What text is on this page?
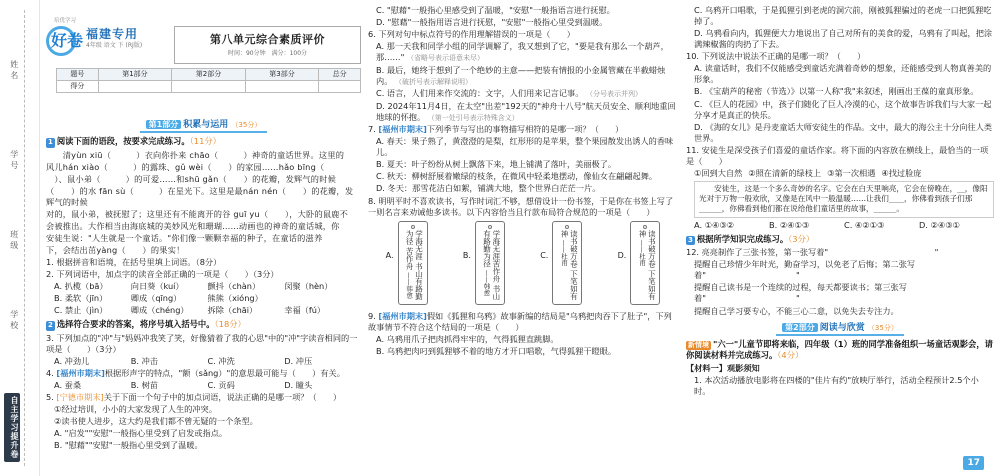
姓名
学号
班级
学校
自主学习提升卷
培优学习
好卷 福建专用
4年级 语文 下 (RJ版)	第八单元综合素质评价
时间：90分钟　满分：100分
题号	第1部分	第2部分	第3部分	总分
得分				
第1部分 积累与运用 （35分）
1 阅读下面的语段，按要求完成练习。（11分）

　　清yùn xiū（　　　）衣向你扑来 chāo（　　　）神奇的童话世界。这里的

风儿hán xiào（　　　）的露珠、gǔ wèi（　　）的家园……hǎo bīng（　

　）、鼠小弟（　　　）的可爱……和shū gǎn（　　）的花瓣，发辉气的时候

（　　）的水 fān sù（　　　）在星光下。这里是最nán nén（　　）的花瓣，发辉气的时候

对的，鼠小弟，被抚慰了；这里还有不能离开的谷 guī yu（　　），大卧的鼠鹿不

会被推出。大作相当由海底城的美妙风光和珊瑚……动画也的神奇的童话城，你

安徒生说："人生就是一个童话。"你们像一颗颗幸福的种子，在童话的滋养

下，会结出茁yàng（　　）的果实！

1. 根据拼音和语境，在括号里填上词语。（8分）

2. 下列词语中，加点字的读音全部正确的一项是（　　）（3分）

A. 扒榄（bā）	向日葵（kuí）	颤抖（chàn）	闵聚（hèn）
B. 柔软（jīn）	卿成（qīng）	熊熊（xióng）
C. 禁止（jìn）	卿成（chéng）	拆除（chāi）	幸福（fú）
2 选择符合要求的答案，将序号填入括号中。（18分）

3. 下列加点的"冲"与"妈妈冲我笑了笑，好像猜着了我的心思"中的"冲"字读音相同的一项是（　　）（3分）

A. 冲劲儿	B. 冲击	C. 冲洗	D. 冲压

4. [福州市期末]根据形声字的特点，"额（sǎng）"的意思最可能与（　　）有关。

A. 蚕桑	B. 树苗	C. 贡码	D. 瞳头

5. [宁德市期末]关于下面一个句子中的加点词语，说法正确的是哪一项？（　　）

①经过培训，小小的大家发现了人生的冲突。

②读书使人进步，这大约是我们都不曾无疑的一个条型。

A. "启发""安慰"一般指心里受到了启发或指点。

B. "慰藉""安慰"一般指心里受到了温暖。

C. "慰藉"一般指心里感受到了温暖，"安慰"一般指语言进行抚慰。

D. "慰藉"一般指用语言进行抚慰，"安慰"一般指心里受到温暖。

6. 下列对句中标点符号的作用理解错误的一项是（　　）

A. 那一天我和同学小组的同学调解了，我又想到了它，"要是我有那么一个葫芦，那……" （省略号表示语意未尽）

B. 最后，她终于想到了一个绝妙的主意——把装有情报的小金属管藏在半截蜡烛内。 （破折号表示解释说明）

C. 语言，人们用来作交流的：文字，人们用来记言记事。 （分号表示并列）

D. 2024年11月4日，在太空"出差"192天的"神舟十八号"航天员安全、顺利地重回地球的怀抱。 （第一处引号表示特殊含义）

7. [福州市期末]下列季节与写出的事物描写相符的是哪一项？（　　）

A. 春天：果子熟了，黄澄澄的是梨，红形形的是苹果，整个果园散发出诱人的香味儿。

B. 夏天：叶子纷纷从树上飘落下来，地上铺满了落叶，美丽极了。

C. 秋天：柳树舒展着嫩绿的枝条，在微风中轻柔地摆动，像仙女在翩翩起舞。

D. 冬天：那雪花洁白如絮，铺满大地，整个世界白茫茫一片。

8. 明明平时不喜欢读书，写作时词汇不够，想借设计一份书签，于是你在书签上写了一则名言来劝诫他多读书。以下内容恰当且行款布局符合规范的一项是（　　）

A.	学海无涯 书山有路勤为径 苦作舟 ——韩愈
B.	学海无涯苦作舟 书山有路勤为径 ——韩愈
C.	读书破万卷 下笔如有神 ——杜甫	D.	读书破万卷 下笔如有神 ——杜甫

9. [福州市期末]假如《狐狸和乌鸦》故事新编的结局是"乌鸦把肉吞下了肚子"，下列故事情节不符合这个结局的一项是（　　）

A. 乌鸦用爪子把肉抓得牢牢的，气得狐狸直跳脚。

B. 乌鸦把肉叼到狐狸够不着的地方才开口唱歌，气得狐狸干瞪眼。

C. 乌鸦开口唱歌，于是狐狸引到老虎的洞穴前，刚被狐狸骗过的老虎一口把狐狸吃掉了。

D. 乌鸦看向内，狐狸便大力地说出了自己对所有的美食的爱，乌鸦有了叫起，把涂满辣椒酱的肉扔了下去。

10. 下列说法中说法不正确的是哪一项？（　　）

A. 读童话时，我们不仅能感受到童话充满着奇妙的想象，还能感受到人物真善美的形象。

B. 《宝葫芦的秘密（节选）》以第一人称"我"来叙述，刚画出王葆的童真形象。

C. 《巨人的花园》中，孩子们随化了巨人冷漠的心，这个故事告诉我们与大家一起分享才是真正的快乐。

D. 《海的女儿》是丹麦童话大师安徒生的作品。文中，最大的海公主十分向往人类世界。

11. 安徒生是深受孩子们喜爱的童话作家。将下面的内容放在横线上，最恰当的一项是（　　）

①回到大自然 ②照在清新的绿枝上 ③第一次相遇 ④找过脸庞
　　安徒生，这是一个多么奇妙的名字。它会在白天里响亮，它会在傍晚在，__，像阳光对于万物一般欢欣，又像是在风中一般温暖……让我们____，你佛看到孩子们那______，你佛看到他们都在说给他们童话里的故事，______。
A. ①④③②	B. ②④①③	C. ④②①③	D. ②④③①
3 根据所学知识完成练习。（3分）

12. 亮亮制作了三张书签，第一张写着"　　　　　　　　　　　　　"

提醒自己珍惜少年时光，勤奋学习，以免老了后悔；第二张写着"　　　　　　　　　　　"

提醒自己读书是一个连续的过程，每天都要读书；第三张写着"　　　　　　　　　　　"

提醒自己学习要专心，不能三心二意，以免失去专注力。

第2部分 阅读与欣赏 （35分）
新情境 "六一"儿童节即将来临，四年级（1）班的同学准备组织一场童话观影会，请你阅读材料并完成练习。（4分）

【材料一】观影须知

1. 本次活动播放电影将在四楼的"佳片有约"放映厅举行，活动全程预计2.5个小时。

17
